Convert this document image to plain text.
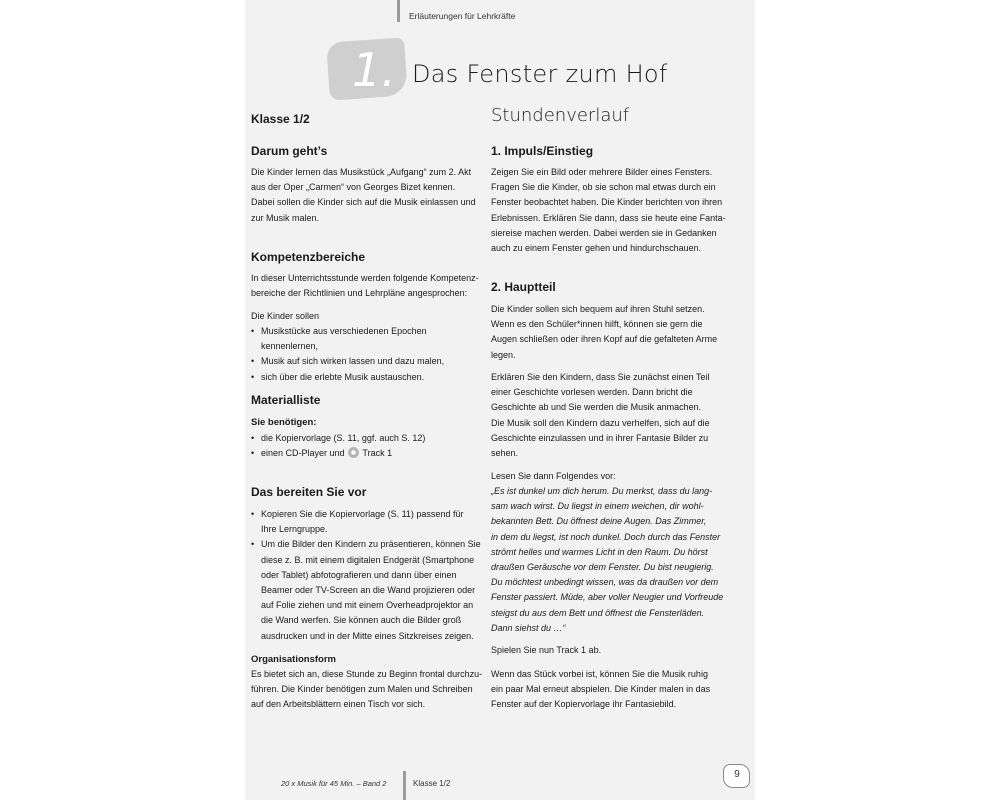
Erläuterungen für Lehrkräfte
1. Das Fenster zum Hof
Klasse 1/2
Darum geht’s
Die Kinder lernen das Musikstück „Aufgang“ zum 2. Akt
aus der Oper „Carmen“ von Georges Bizet kennen.
Dabei sollen die Kinder sich auf die Musik einlassen und
zur Musik malen.
Kompetenzbereiche
In dieser Unterrichtsstunde werden folgende Kompetenz-
bereiche der Richtlinien und Lehrpläne angesprochen:
Die Kinder sollen
• Musikstücke aus verschiedenen Epochen kennenlernen,
• Musik auf sich wirken lassen und dazu malen,
• sich über die erlebte Musik austauschen.
Materialliste
Sie benötigen:
• die Kopiervorlage (S. 11, ggf. auch S. 12)
• einen CD-Player und Track 1
Das bereiten Sie vor
• Kopieren Sie die Kopiervorlage (S. 11) passend für
Ihre Lerngruppe.
• Um die Bilder den Kindern zu präsentieren, können Sie
diese z. B. mit einem digitalen Endgerät (Smartphone
oder Tablet) abfotografieren und dann über einen
Beamer oder TV-Screen an die Wand projizieren oder
auf Folie ziehen und mit einem Overheadprojektor an
die Wand werfen. Sie können auch die Bilder groß
ausdrucken und in der Mitte eines Sitzkreises zeigen.
Organisationsform
Es bietet sich an, diese Stunde zu Beginn frontal durchzu-
führen. Die Kinder benötigen zum Malen und Schreiben
auf den Arbeitsblättern einen Tisch vor sich.
Stundenverlauf
1. Impuls/Einstieg
Zeigen Sie ein Bild oder mehrere Bilder eines Fensters.
Fragen Sie die Kinder, ob sie schon mal etwas durch ein
Fenster beobachtet haben. Die Kinder berichten von ihren
Erlebnissen. Erklären Sie dann, dass sie heute eine Fanta-
siereise machen werden. Dabei werden sie in Gedanken
auch zu einem Fenster gehen und hindurchschauen.
2. Hauptteil
Die Kinder sollen sich bequem auf ihren Stuhl setzen.
Wenn es den Schüler*innen hilft, können sie gern die
Augen schließen oder ihren Kopf auf die gefalteten Arme
legen.
Erklären Sie den Kindern, dass Sie zunächst einen Teil
einer Geschichte vorlesen werden. Dann bricht die
Geschichte ab und Sie werden die Musik anmachen.
Die Musik soll den Kindern dazu verhelfen, sich auf die
Geschichte einzulassen und in ihrer Fantasie Bilder zu
sehen.
Lesen Sie dann Folgendes vor:
„Es ist dunkel um dich herum. Du merkst, dass du lang-
sam wach wirst. Du liegst in einem weichen, dir wohl-
bekannten Bett. Du öffnest deine Augen. Das Zimmer,
in dem du liegst, ist noch dunkel. Doch durch das Fenster
strömt helles und warmes Licht in den Raum. Du hörst
draußen Geräusche vor dem Fenster. Du bist neugierig.
Du möchtest unbedingt wissen, was da draußen vor dem
Fenster passiert. Müde, aber voller Neugier und Vorfreude
steigst du aus dem Bett und öffnest die Fensterläden.
Dann siehst du …“
Spielen Sie nun Track 1 ab.
Wenn das Stück vorbei ist, können Sie die Musik ruhig
ein paar Mal erneut abspielen. Die Kinder malen in das
Fenster auf der Kopiervorlage ihr Fantasiebild.
20 x Musik für 45 Min. – Band 2	Klasse 1/2
9
